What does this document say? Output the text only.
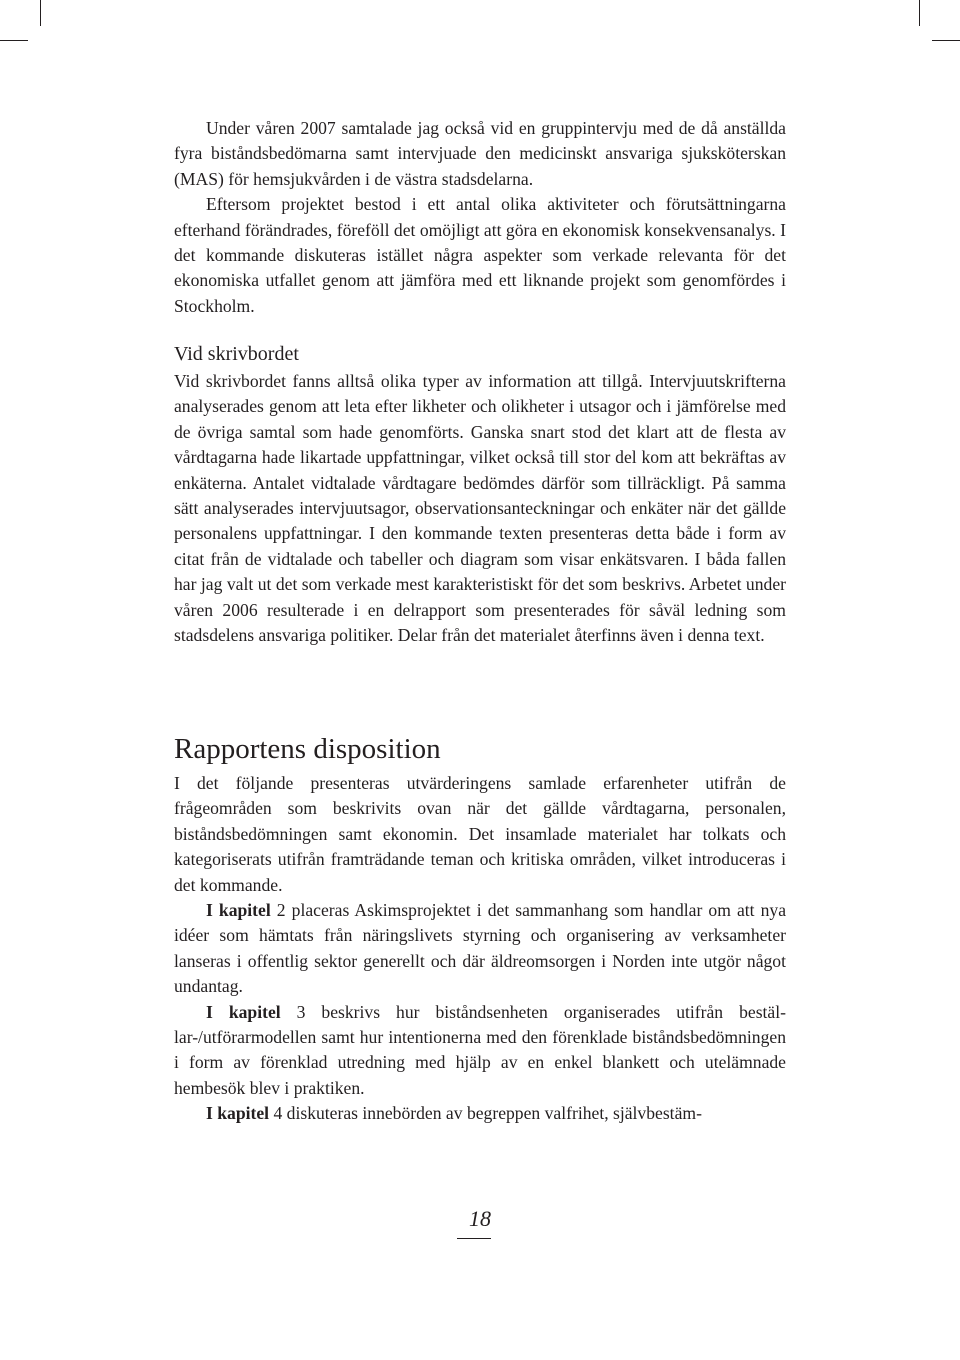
Under våren 2007 samtalade jag också vid en gruppintervju med de då anställda fyra biståndsbedömarna samt intervjuade den medicinskt ansvariga sjuksköterskan (MAS) för hemsjukvården i de västra stadsdelarna.

Eftersom projektet bestod i ett antal olika aktiviteter och förutsättningarna efterhand förändrades, föreföll det omöjligt att göra en ekonomisk konsekvensanalys. I det kommande diskuteras istället några aspekter som verkade relevanta för det ekonomiska utfallet genom att jämföra med ett liknande projekt som genomfördes i Stockholm.

Vid skrivbordet

Vid skrivbordet fanns alltså olika typer av information att tillgå. Intervjuutskrifterna analyserades genom att leta efter likheter och olikheter i utsagor och i jämförelse med de övriga samtal som hade genomförts. Ganska snart stod det klart att de flesta av vårdtagarna hade likartade uppfattningar, vilket också till stor del kom att bekräftas av enkäterna. Antalet vidtalade vårdtagare bedömdes därför som tillräckligt. På samma sätt analyserades intervjuutsagor, observationsanteckningar och enkäter när det gällde personalens uppfattningar. I den kommande texten presenteras detta både i form av citat från de vidtalade och tabeller och diagram som visar enkätsvaren. I båda fallen har jag valt ut det som verkade mest karakteristiskt för det som beskrivs. Arbetet under våren 2006 resulterade i en delrapport som presenterades för såväl ledning som stadsdelens ansvariga politiker. Delar från det materialet återfinns även i denna text.

Rapportens disposition

I det följande presenteras utvärderingens samlade erfarenheter utifrån de frågeområden som beskrivits ovan när det gällde vårdtagarna, personalen, biståndsbedömningen samt ekonomin. Det insamlade materialet har tolkats och kategoriserats utifrån framträdande teman och kritiska områden, vilket introduceras i det kommande.

I kapitel 2 placeras Askimsprojektet i det sammanhang som handlar om att nya idéer som hämtats från näringslivets styrning och organisering av verksamheter lanseras i offentlig sektor generellt och där äldreomsorgen i Norden inte utgör något undantag.

I kapitel 3 beskrivs hur biståndsenheten organiserades utifrån beställar-/utförarmodellen samt hur intentionerna med den förenklade biståndsbedömningen i form av förenklad utredning med hjälp av en enkel blankett och utelämnade hembesök blev i praktiken.

I kapitel 4 diskuteras innebörden av begreppen valfrihet, självbestäm-

18
